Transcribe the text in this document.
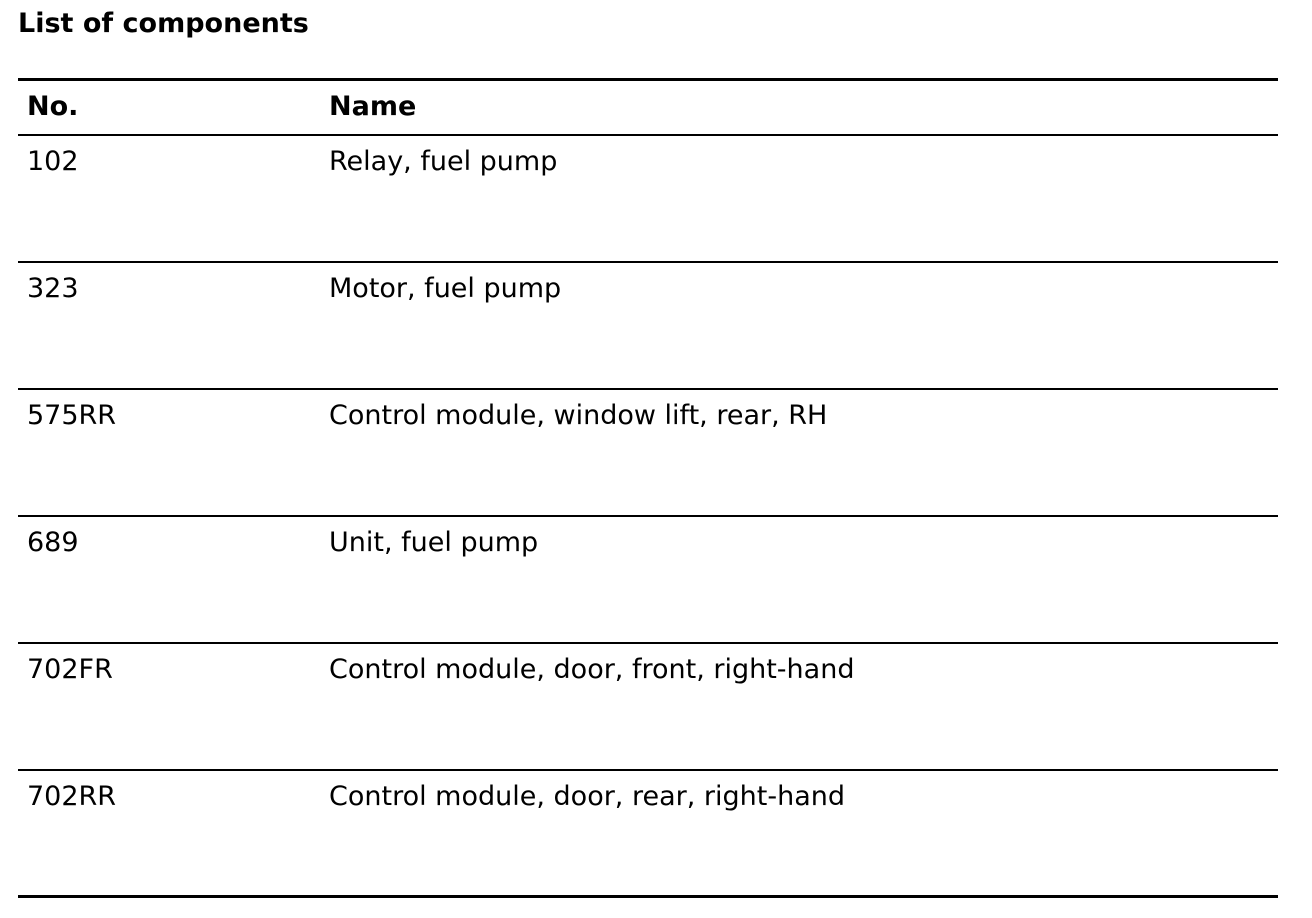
List of components
No.	Name
102	Relay, fuel pump
323	Motor, fuel pump
575RR	Control module, window lift, rear, RH
689	Unit, fuel pump
702FR	Control module, door, front, right-hand
702RR	Control module, door, rear, right-hand
